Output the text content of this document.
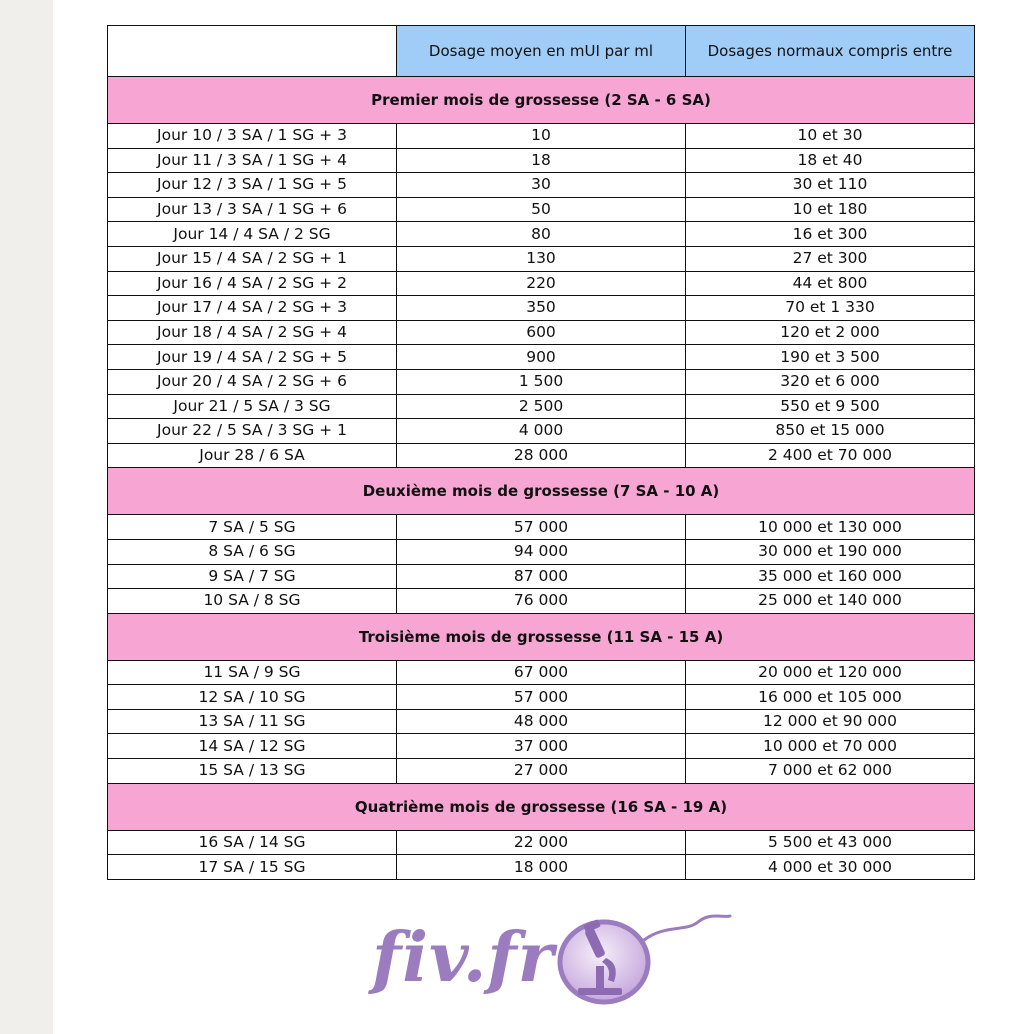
	Dosage moyen en mUI par ml	Dosages normaux compris entre
Premier mois de grossesse (2 SA - 6 SA)		
Jour 10 / 3 SA / 1 SG + 3	10	10 et 30
Jour 11 / 3 SA / 1 SG + 4	18	18 et 40
Jour 12 / 3 SA / 1 SG + 5	30	30 et 110
Jour 13 / 3 SA / 1 SG + 6	50	10 et 180
Jour 14 / 4 SA / 2 SG	80	16 et 300
Jour 15 / 4 SA / 2 SG + 1	130	27 et 300
Jour 16 / 4 SA / 2 SG + 2	220	44 et 800
Jour 17 / 4 SA / 2 SG + 3	350	70 et 1 330
Jour 18 / 4 SA / 2 SG + 4	600	120 et 2 000
Jour 19 / 4 SA / 2 SG + 5	900	190 et 3 500
Jour 20 / 4 SA / 2 SG + 6	1 500	320 et 6 000
Jour 21 / 5 SA / 3 SG	2 500	550 et 9 500
Jour 22 / 5 SA / 3 SG + 1	4 000	850 et 15 000
Jour 28 / 6 SA	28 000	2 400 et 70 000
Deuxième mois de grossesse (7 SA - 10 A)		
7 SA / 5 SG	57 000	10 000 et 130 000
8 SA / 6 SG	94 000	30 000 et 190 000
9 SA / 7 SG	87 000	35 000 et 160 000
10 SA / 8 SG	76 000	25 000 et 140 000
Troisième mois de grossesse (11 SA - 15 A)		
11 SA / 9 SG	67 000	20 000 et 120 000
12 SA / 10 SG	57 000	16 000 et 105 000
13 SA / 11 SG	48 000	12 000 et 90 000
14 SA / 12 SG	37 000	10 000 et 70 000
15 SA / 13 SG	27 000	7 000 et 62 000
Quatrième mois de grossesse (16 SA - 19 A)		
16 SA / 14 SG	22 000	5 500 et 43 000
17 SA / 15 SG	18 000	4 000 et 30 000
fiv.fr
